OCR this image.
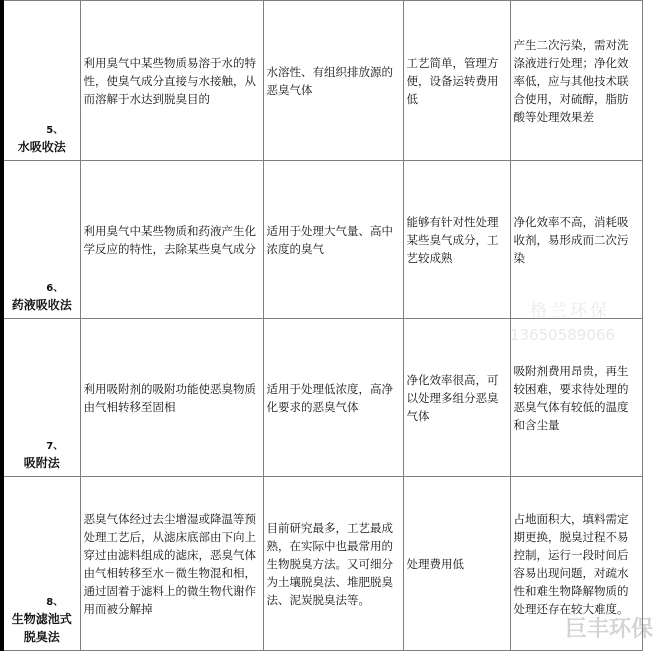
5、
水吸收法	利用臭气中某些物质易溶于水的特性，使臭气成分直接与水接触，从而溶解于水达到脱臭目的	水溶性、有组织排放源的恶臭气体	工艺简单，管理方便，设备运转费用低	产生二次污染，需对洗涤液进行处理；净化效率低，应与其他技术联合使用，对硫醇，脂肪酸等处理效果差

6、
药液吸收法	利用臭气中某些物质和药液产生化学反应的特性，去除某些臭气成分	适用于处理大气量、高中浓度的臭气	能够有针对性处理某些臭气成分，工艺较成熟	净化效率不高，消耗吸收剂，易形成而二次污染

7、
吸附法	利用吸附剂的吸附功能使恶臭物质由气相转移至固相	适用于处理低浓度，高净化要求的恶臭气体	净化效率很高，可以处理多组分恶臭气体	吸附剂费用昂贵，再生较困难，要求待处理的恶臭气体有较低的温度和含尘量

8、
生物滤池式脱臭法	恶臭气体经过去尘增湿或降温等预处理工艺后，从滤床底部由下向上穿过由滤料组成的滤床，恶臭气体由气相转移至水－微生物混和相，通过固着于滤料上的微生物代谢作用而被分解掉	目前研究最多，工艺最成熟，在实际中也最常用的生物脱臭方法。又可细分为土壤脱臭法、堆肥脱臭法、泥炭脱臭法等。	处理费用低	占地面积大，填料需定期更换，脱臭过程不易控制，运行一段时间后容易出现问题，对疏水性和难生物降解物质的处理还存在较大难度。
格兰环保
13650589066
巨丰环保
